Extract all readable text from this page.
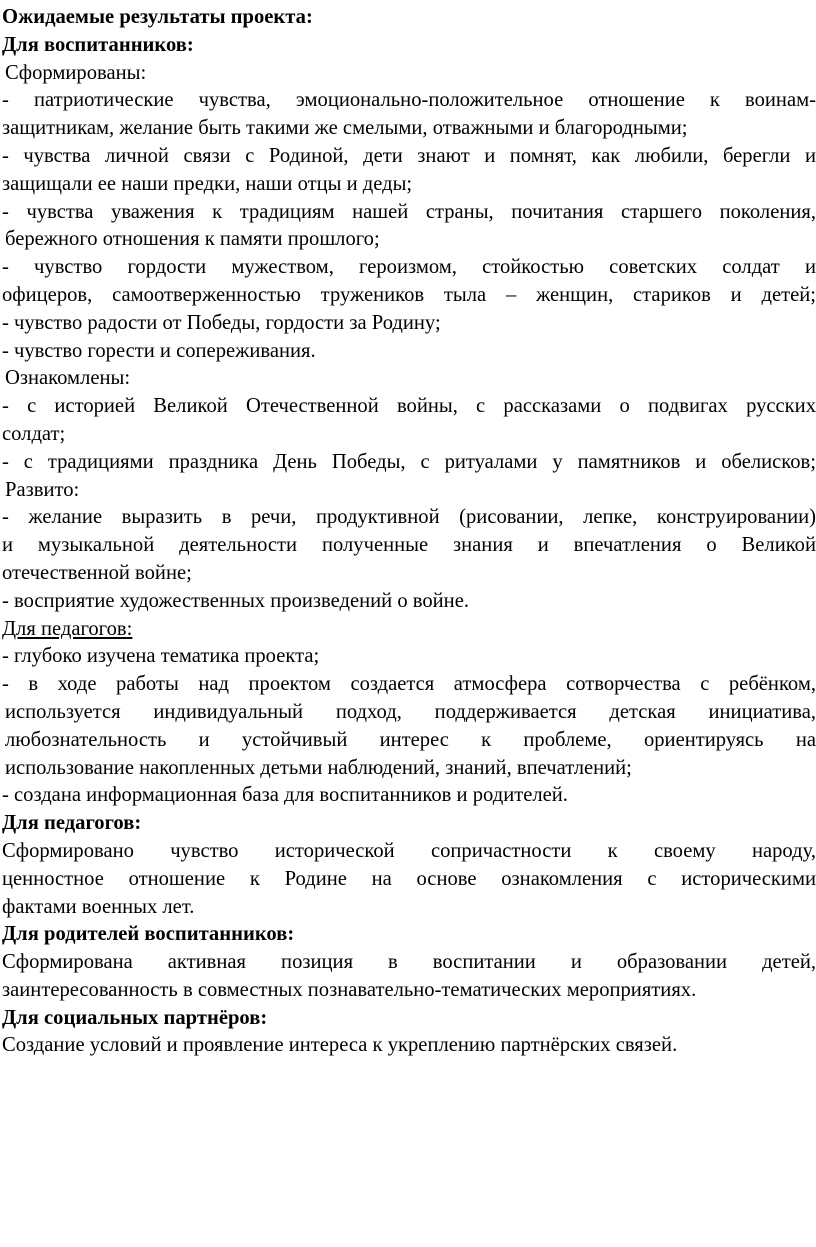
Ожидаемые результаты проекта:
Для воспитанников:
Сформированы:
- патриотические чувства, эмоционально-положительное отношение к воинам-
защитникам, желание быть такими же смелыми, отважными и благородными;
- чувства личной связи с Родиной, дети знают и помнят, как любили, берегли и
защищали ее наши предки, наши отцы и деды;
- чувства уважения к традициям нашей страны, почитания старшего поколения,
бережного отношения к памяти прошлого;
- чувство гордости мужеством, героизмом, стойкостью советских солдат и
офицеров, самоотверженностью тружеников тыла – женщин, стариков и детей;
- чувство радости от Победы, гордости за Родину;
- чувство горести и сопереживания.
Ознакомлены:
- с историей Великой Отечественной войны, с рассказами о подвигах русских
солдат;
- с традициями праздника День Победы, с ритуалами у памятников и обелисков;
Развито:
- желание выразить в речи, продуктивной (рисовании, лепке, конструировании)
и музыкальной деятельности полученные знания и впечатления о Великой
отечественной войне;
- восприятие художественных произведений о войне.
Для педагогов:
- глубоко изучена тематика проекта;
- в ходе работы над проектом создается атмосфера сотворчества с ребёнком,
используется индивидуальный подход, поддерживается детская инициатива,
любознательность и устойчивый интерес к проблеме, ориентируясь на
использование накопленных детьми наблюдений, знаний, впечатлений;
- создана информационная база для воспитанников и родителей.
Для педагогов:
Сформировано чувство исторической сопричастности к своему народу,
ценностное отношение к Родине на основе ознакомления с историческими
фактами военных лет.
Для родителей воспитанников:
Сформирована активная позиция в воспитании и образовании детей,
заинтересованность в совместных познавательно-тематических мероприятиях.
Для социальных партнёров:
Создание условий и проявление интереса к укреплению партнёрских связей.
